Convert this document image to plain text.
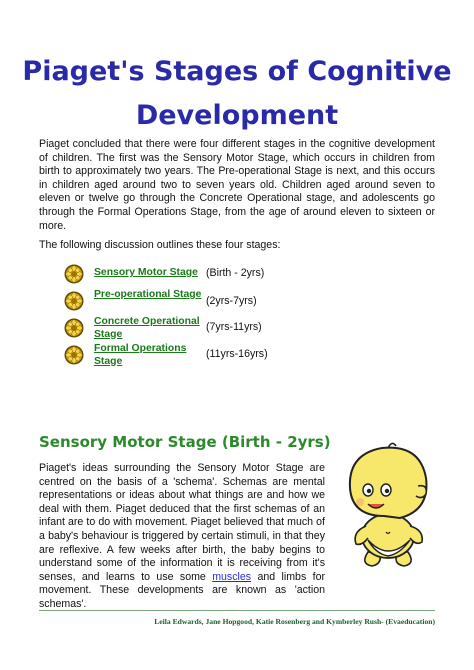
Piaget's Stages of Cognitive Development
Piaget concluded that there were four different stages in the cognitive development of children. The first was the Sensory Motor Stage, which occurs in children from birth to approximately two years. The Pre-operational Stage is next, and this occurs in children aged around two to seven years old. Children aged around seven to eleven or twelve go through the Concrete Operational stage, and adolescents go through the Formal Operations Stage, from the age of around eleven to sixteen or more.
The following discussion outlines these four stages:
Sensory Motor Stage (Birth - 2yrs)
Pre-operational Stage
(2yrs-7yrs)
Concrete Operational Stage
(7yrs-11yrs)
Formal Operations Stage
(11yrs-16yrs)
Sensory Motor Stage (Birth - 2yrs)
Piaget's ideas surrounding the Sensory Motor Stage are centred on the basis of a 'schema'. Schemas are mental representations or ideas about what things are and how we deal with them. Piaget deduced that the first schemas of an infant are to do with movement. Piaget believed that much of a baby's behaviour is triggered by certain stimuli, in that they are reflexive. A few weeks after birth, the baby begins to understand some of the information it is receiving from it's senses, and learns to use some muscles and limbs for movement. These developments are known as 'action schemas'.
Leila Edwards, Jane Hopgood, Katie Rosenberg and Kymberley Rush- (Evaeducation)
